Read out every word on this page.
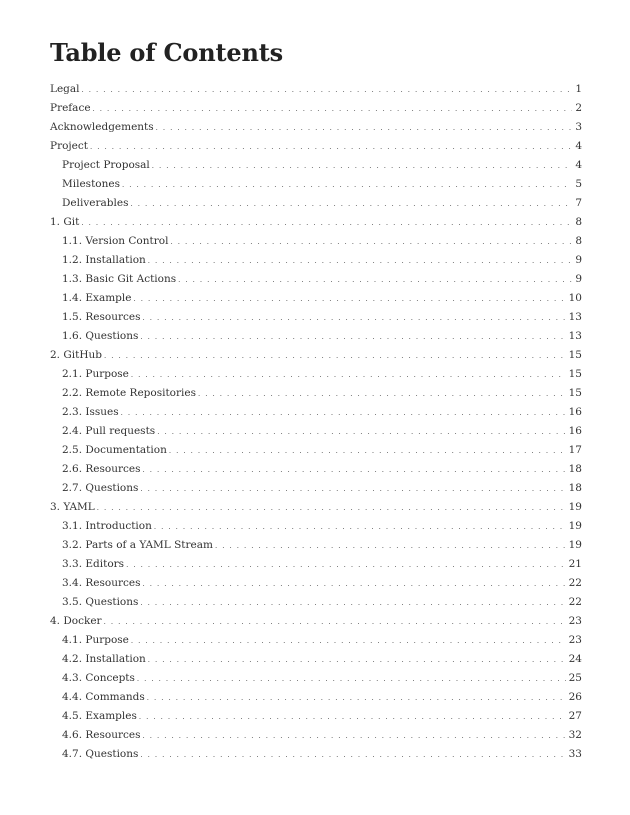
Table of Contents
Legal . . .	1
Preface . . .	2
Acknowledgements . . .	3
Project . . .	4
Project Proposal . . .	4
Milestones . . .	5
Deliverables . . .	7
1. Git . . .	8
1.1. Version Control . . .	8
1.2. Installation . . .	9
1.3. Basic Git Actions . . .	9
1.4. Example . . .	10
1.5. Resources . . .	13
1.6. Questions . . .	13
2. GitHub . . .	15
2.1. Purpose . . .	15
2.2. Remote Repositories . . .	15
2.3. Issues . . .	16
2.4. Pull requests . . .	16
2.5. Documentation . . .	17
2.6. Resources . . .	18
2.7. Questions . . .	18
3. YAML . . .	19
3.1. Introduction . . .	19
3.2. Parts of a YAML Stream . . .	19
3.3. Editors . . .	21
3.4. Resources . . .	22
3.5. Questions . . .	22
4. Docker . . .	23
4.1. Purpose . . .	23
4.2. Installation . . .	24
4.3. Concepts . . .	25
4.4. Commands . . .	26
4.5. Examples . . .	27
4.6. Resources . . .	32
4.7. Questions . . .	33
